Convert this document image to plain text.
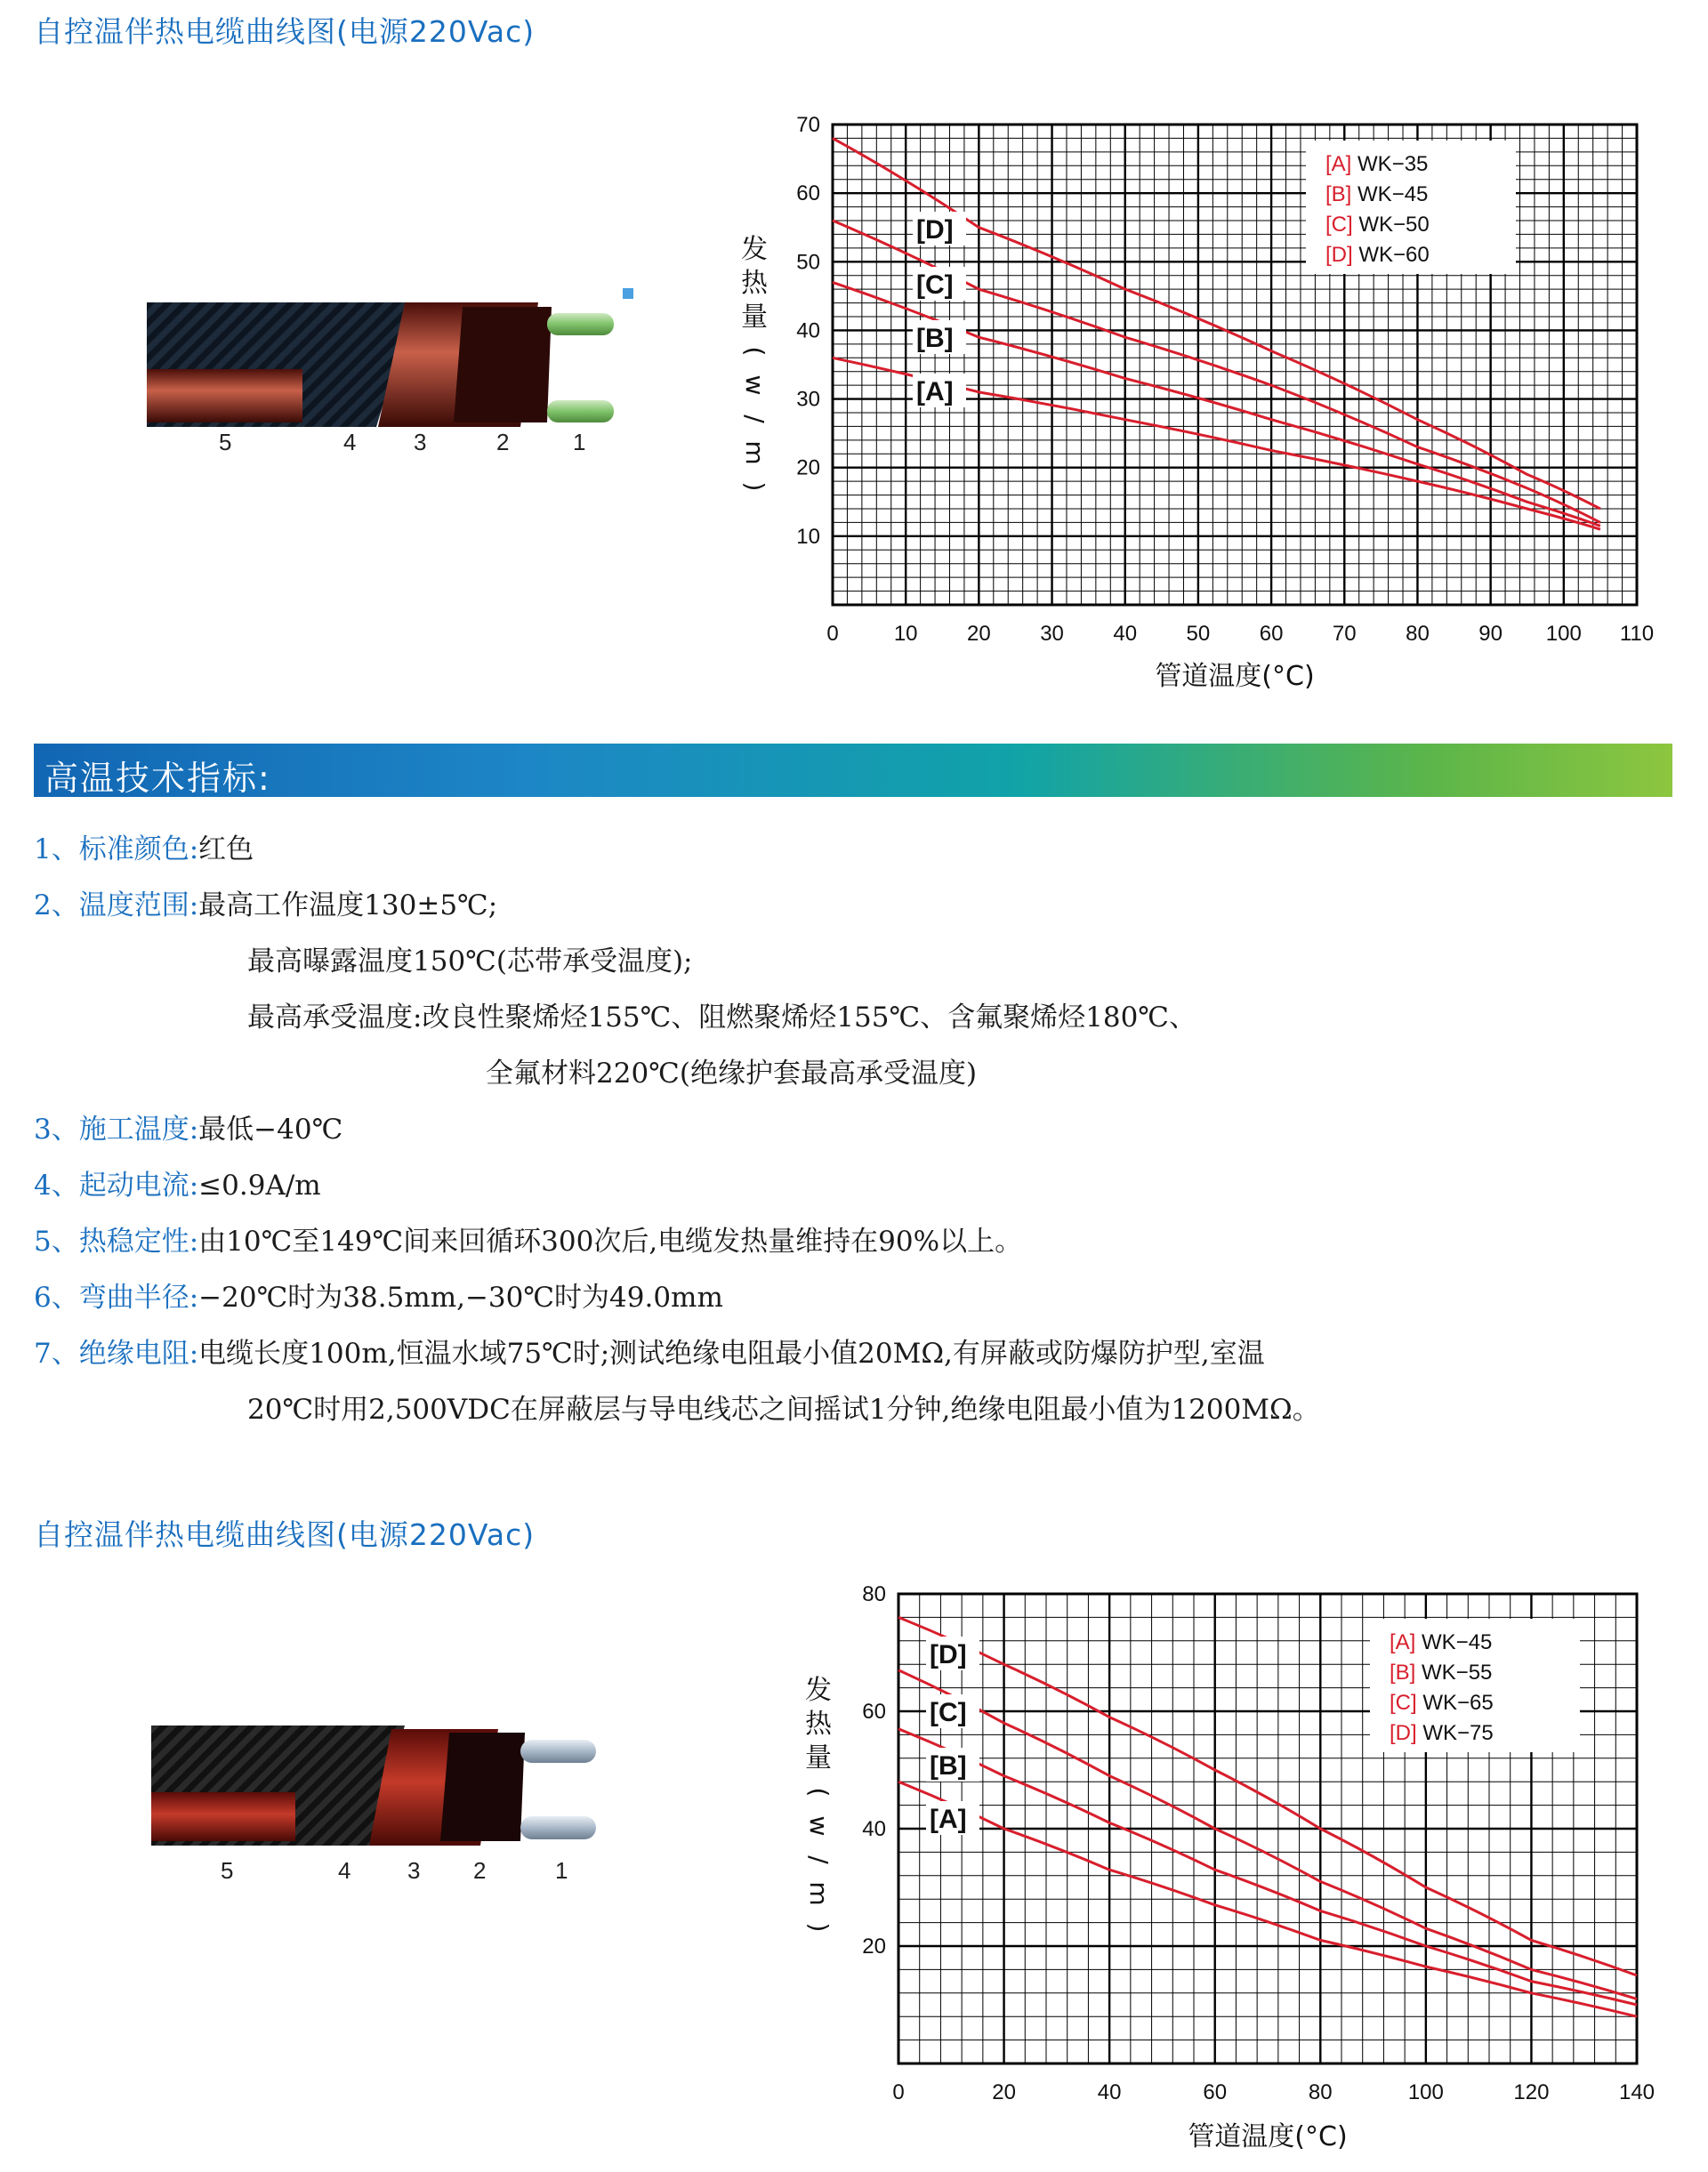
自控温伴热电缆曲线图(电源220Vac)
5	4 3	2	1
高温技术指标:
1、标准颜色:红色
2、温度范围:最高工作温度130±5℃;
最高曝露温度150℃(芯带承受温度);
最高承受温度:改良性聚烯烃155℃、阻燃聚烯烃155℃、含氟聚烯烃180℃、
全氟材料220℃(绝缘护套最高承受温度)
3、施工温度:最低−40℃
4、起动电流:≤0.9A/m
5、热稳定性:由10℃至149℃间来回循环300次后,电缆发热量维持在90%以上。
6、弯曲半径:−20℃时为38.5mm,−30℃时为49.0mm
7、绝缘电阻:电缆长度100m,恒温水域75℃时;测试绝缘电阻最小值20MΩ,有屏蔽或防爆防护型,室温
20℃时用2,500VDC在屏蔽层与导电线芯之间摇试1分钟,绝缘电阻最小值为1200MΩ。
自控温伴热电缆曲线图(电源220Vac)
5	4 3 2	1
[A] WK−35
[B] WK−45
[C] WK−50
[D] WK−60
[A]
[B]
[C]
[D]
0	10 20 30 40 50 60 70 80 90 100 110
10
20
30
40
50
60
70
管道温度(°C)
发
热
量
(
w
/
m
)
[A] WK−45
[B] WK−55
[C] WK−65
[D] WK−75
[A]
[B]
[C]
[D]
0	20	40	60	80	100	120	140
20
40
60
80
管道温度(°C)
发
热
量
(
w
/
m
)
